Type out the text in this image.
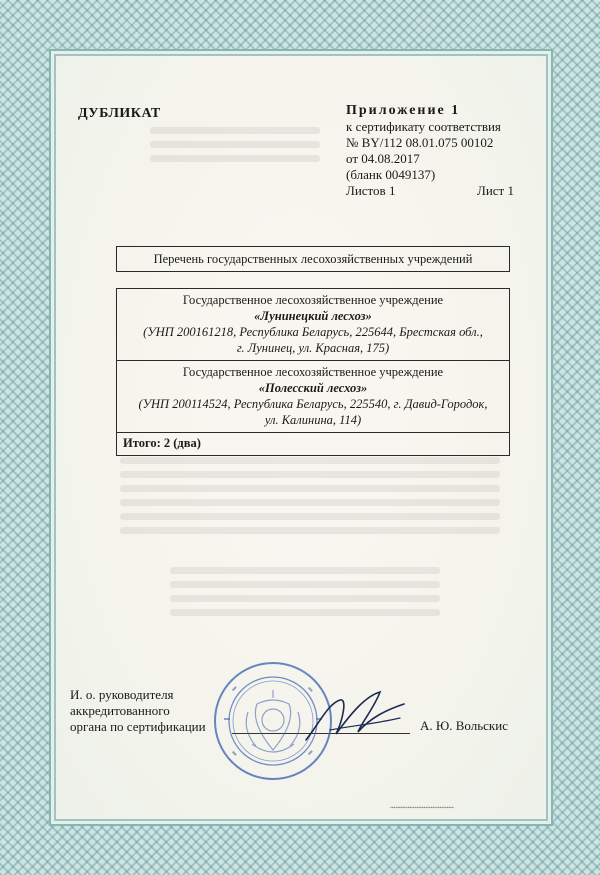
ДУБЛИКАТ	Приложение 1
к сертификату соответствия
№ BY/112 08.01.075 00102
от 04.08.2017
(бланк 0049137)
Листов 1	Лист 1
Перечень государственных лесохозяйственных учреждений
Государственное лесохозяйственное учреждение
«Лунинецкий лесхоз»
(УНП 200161218, Республика Беларусь, 225644, Брестская обл.,
г. Лунинец, ул. Красная, 175)
Государственное лесохозяйственное учреждение
«Полесский лесхоз»
(УНП 200114524, Республика Беларусь, 225540, г. Давид-Городок,
ул. Калинина, 114)
Итого: 2 (два)
И. о. руководителя
аккредитованного
органа по сертификации	А. Ю. Вольскис
▪▪▪▪▪▪▪▪▪▪▪▪▪▪▪▪▪▪▪▪▪▪▪▪▪▪▪▪▪▪▪▪▪▪▪▪
